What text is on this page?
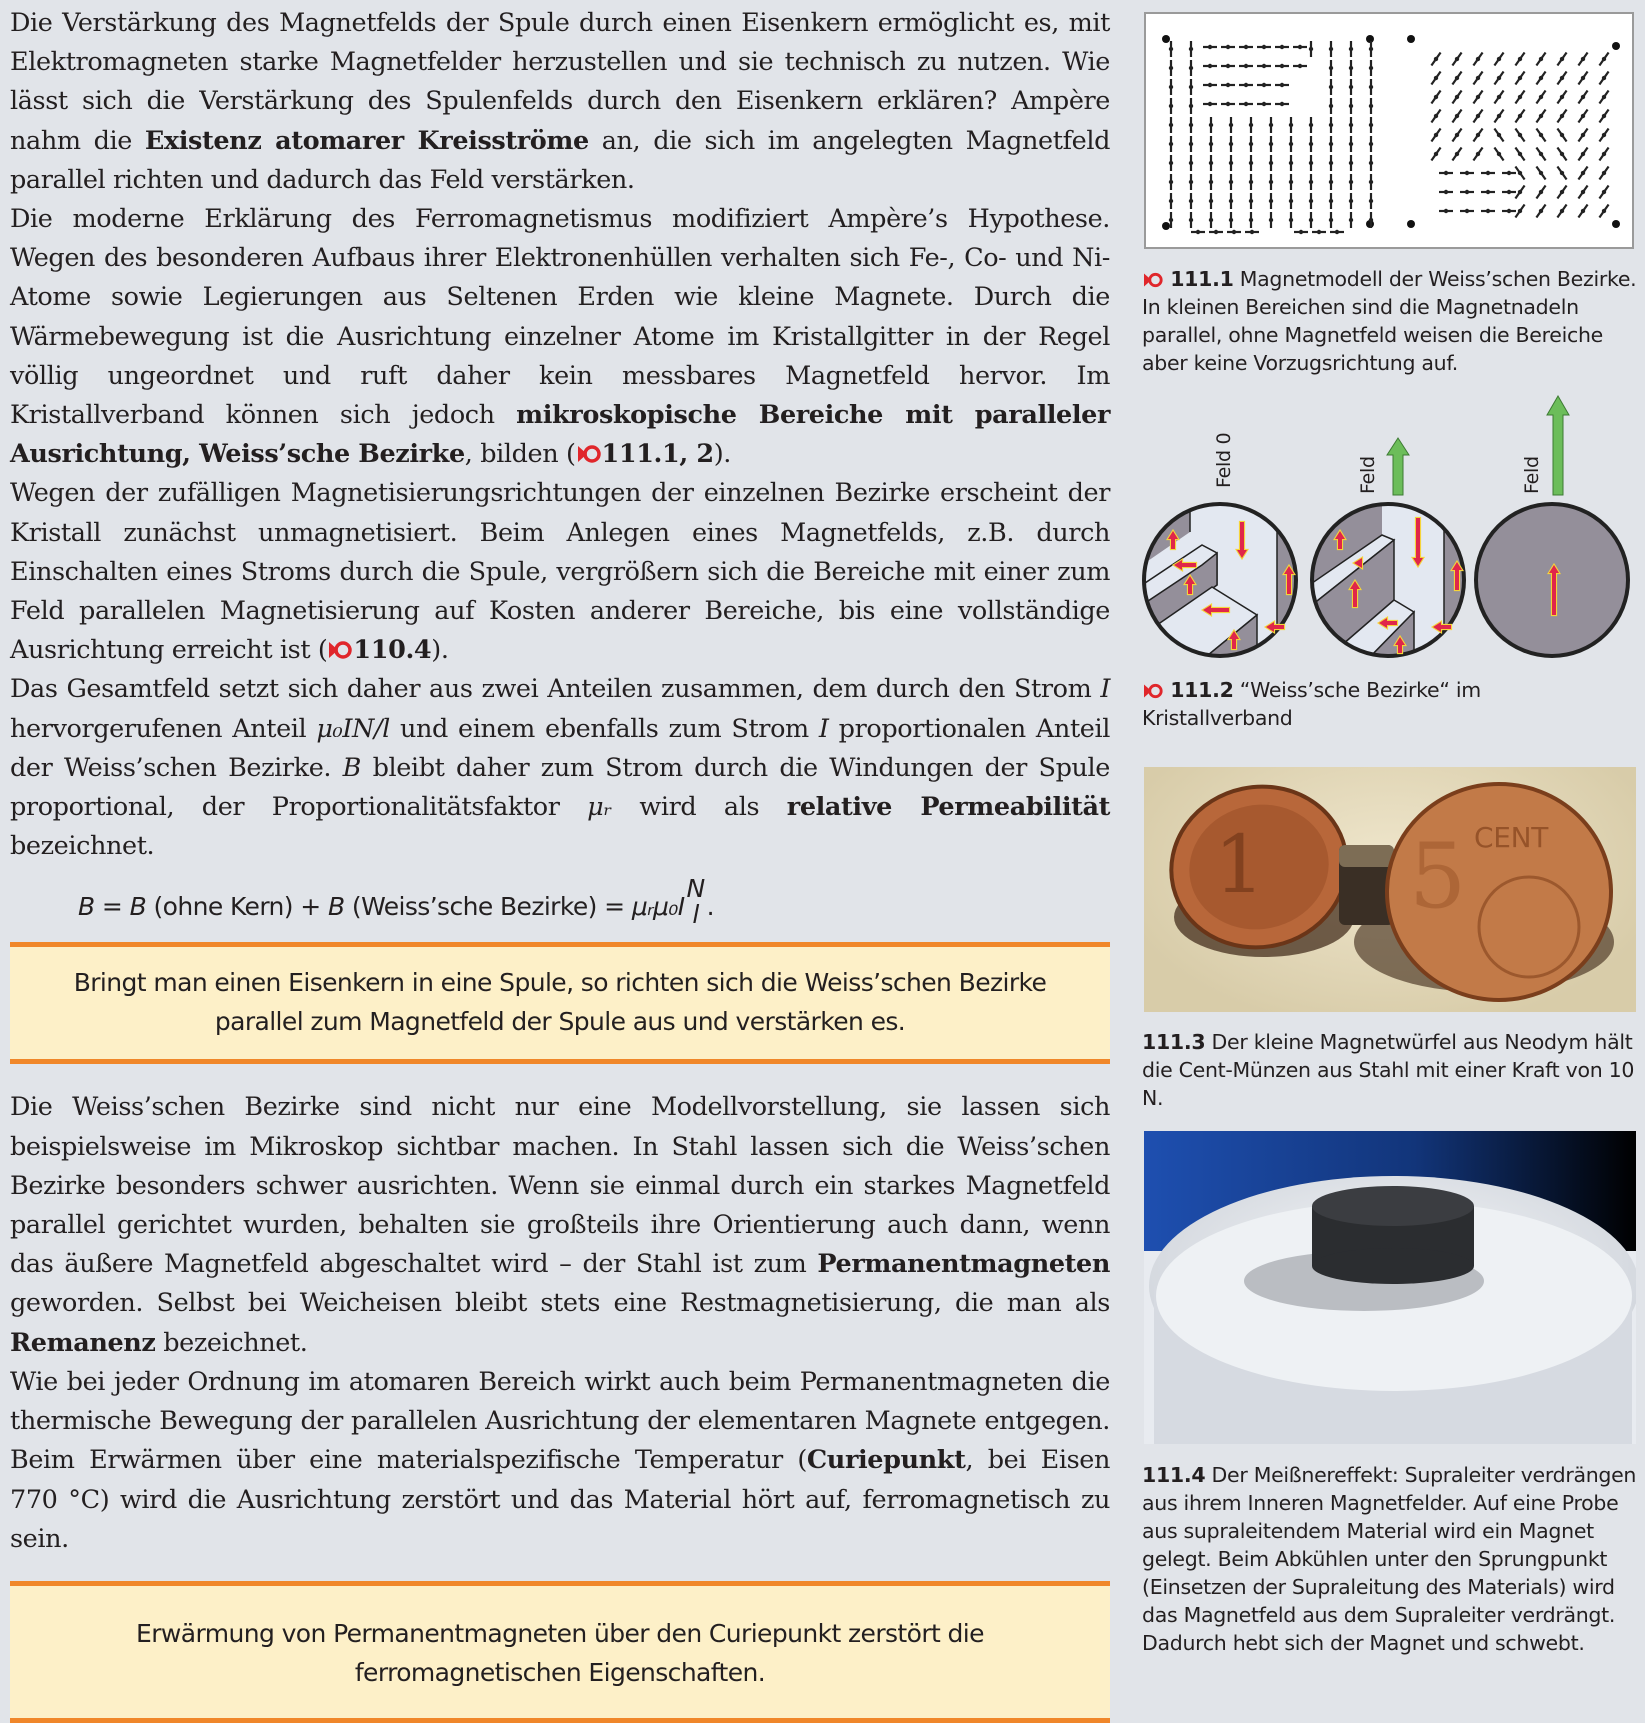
Die Verstärkung des Magnetfelds der Spule durch einen Eisenkern ermöglicht es, mit Elektromagneten starke Magnetfelder herzustellen und sie technisch zu nutzen. Wie lässt sich die Verstärkung des Spulenfelds durch den Eisenkern erklären? Ampère nahm die Existenz atomarer Kreisströme an, die sich im angelegten Magnetfeld parallel richten und dadurch das Feld verstärken.

Die moderne Erklärung des Ferromagnetismus modifiziert Ampère’s Hypothese. Wegen des besonderen Aufbaus ihrer Elektronenhüllen verhalten sich Fe-, Co- und Ni-Atome sowie Legierungen aus Seltenen Erden wie kleine Magnete. Durch die Wärmebewegung ist die Ausrichtung einzelner Atome im Kristallgitter in der Regel völlig ungeordnet und ruft daher kein messbares Magnetfeld hervor. Im Kristallverband können sich jedoch mikroskopische Bereiche mit paralleler Ausrichtung, Weiss’sche Bezirke, bilden ( 111.1, 2).

Wegen der zufälligen Magnetisierungsrichtungen der einzelnen Bezirke erscheint der Kristall zunächst unmagnetisiert. Beim Anlegen eines Magnetfelds, z.B. durch Einschalten eines Stroms durch die Spule, vergrößern sich die Bereiche mit einer zum Feld parallelen Magnetisierung auf Kosten anderer Bereiche, bis eine vollständige Ausrichtung erreicht ist ( 110.4).

Das Gesamtfeld setzt sich daher aus zwei Anteilen zusammen, dem durch den Strom I hervorgerufenen Anteil μ₀IN/l und einem ebenfalls zum Strom I proportionalen Anteil der Weiss’schen Bezirke. B bleibt daher zum Strom durch die Windungen der Spule proportional, der Proportionalitätsfaktor μᵣ wird als relative Permeabilität bezeichnet.

B = B (ohne Kern) + B (Weiss’sche Bezirke) = μᵣμ₀I
N
l .
Bringt man einen Eisenkern in eine Spule, so richten sich die Weiss’schen Bezirke parallel zum Magnetfeld der Spule aus und verstärken es.

Die Weiss’schen Bezirke sind nicht nur eine Modellvorstellung, sie lassen sich beispielsweise im Mikroskop sichtbar machen. In Stahl lassen sich die Weiss’schen Bezirke besonders schwer ausrichten. Wenn sie einmal durch ein starkes Magnetfeld parallel gerichtet wurden, behalten sie großteils ihre Orientierung auch dann, wenn das äußere Magnetfeld abgeschaltet wird – der Stahl ist zum Permanentmagneten geworden. Selbst bei Weicheisen bleibt stets eine Restmagnetisierung, die man als Remanenz bezeichnet.

Wie bei jeder Ordnung im atomaren Bereich wirkt auch beim Permanentmagneten die thermische Bewegung der parallelen Ausrichtung der elementaren Magnete entgegen. Beim Erwärmen über eine materialspezifische Temperatur (Curiepunkt, bei Eisen 770 °C) wird die Ausrichtung zerstört und das Material hört auf, ferromagnetisch zu sein.

Erwärmung von Permanentmagneten über den Curiepunkt zerstört die ferromagnetischen Eigenschaften.
111.1 Magnetmodell der Weiss’schen Bezirke. In kleinen Bereichen sind die Magnetnadeln parallel, ohne Magnetfeld weisen die Bereiche aber keine Vorzugsrichtung auf.
Feld 0	Feld	Feld
111.2 “Weiss’sche Bezirke“ im Kristallverband
1 5 CENT
111.3 Der kleine Magnetwürfel aus Neodym hält die Cent-Münzen aus Stahl mit einer Kraft von 10 N.
111.4 Der Meißnereffekt: Supraleiter verdrängen aus ihrem Inneren Magnetfelder. Auf eine Probe aus supraleitendem Material wird ein Magnet gelegt. Beim Abkühlen unter den Sprungpunkt (Einsetzen der Supraleitung des Materials) wird das Magnetfeld aus dem Supraleiter verdrängt. Dadurch hebt sich der Magnet und schwebt.
